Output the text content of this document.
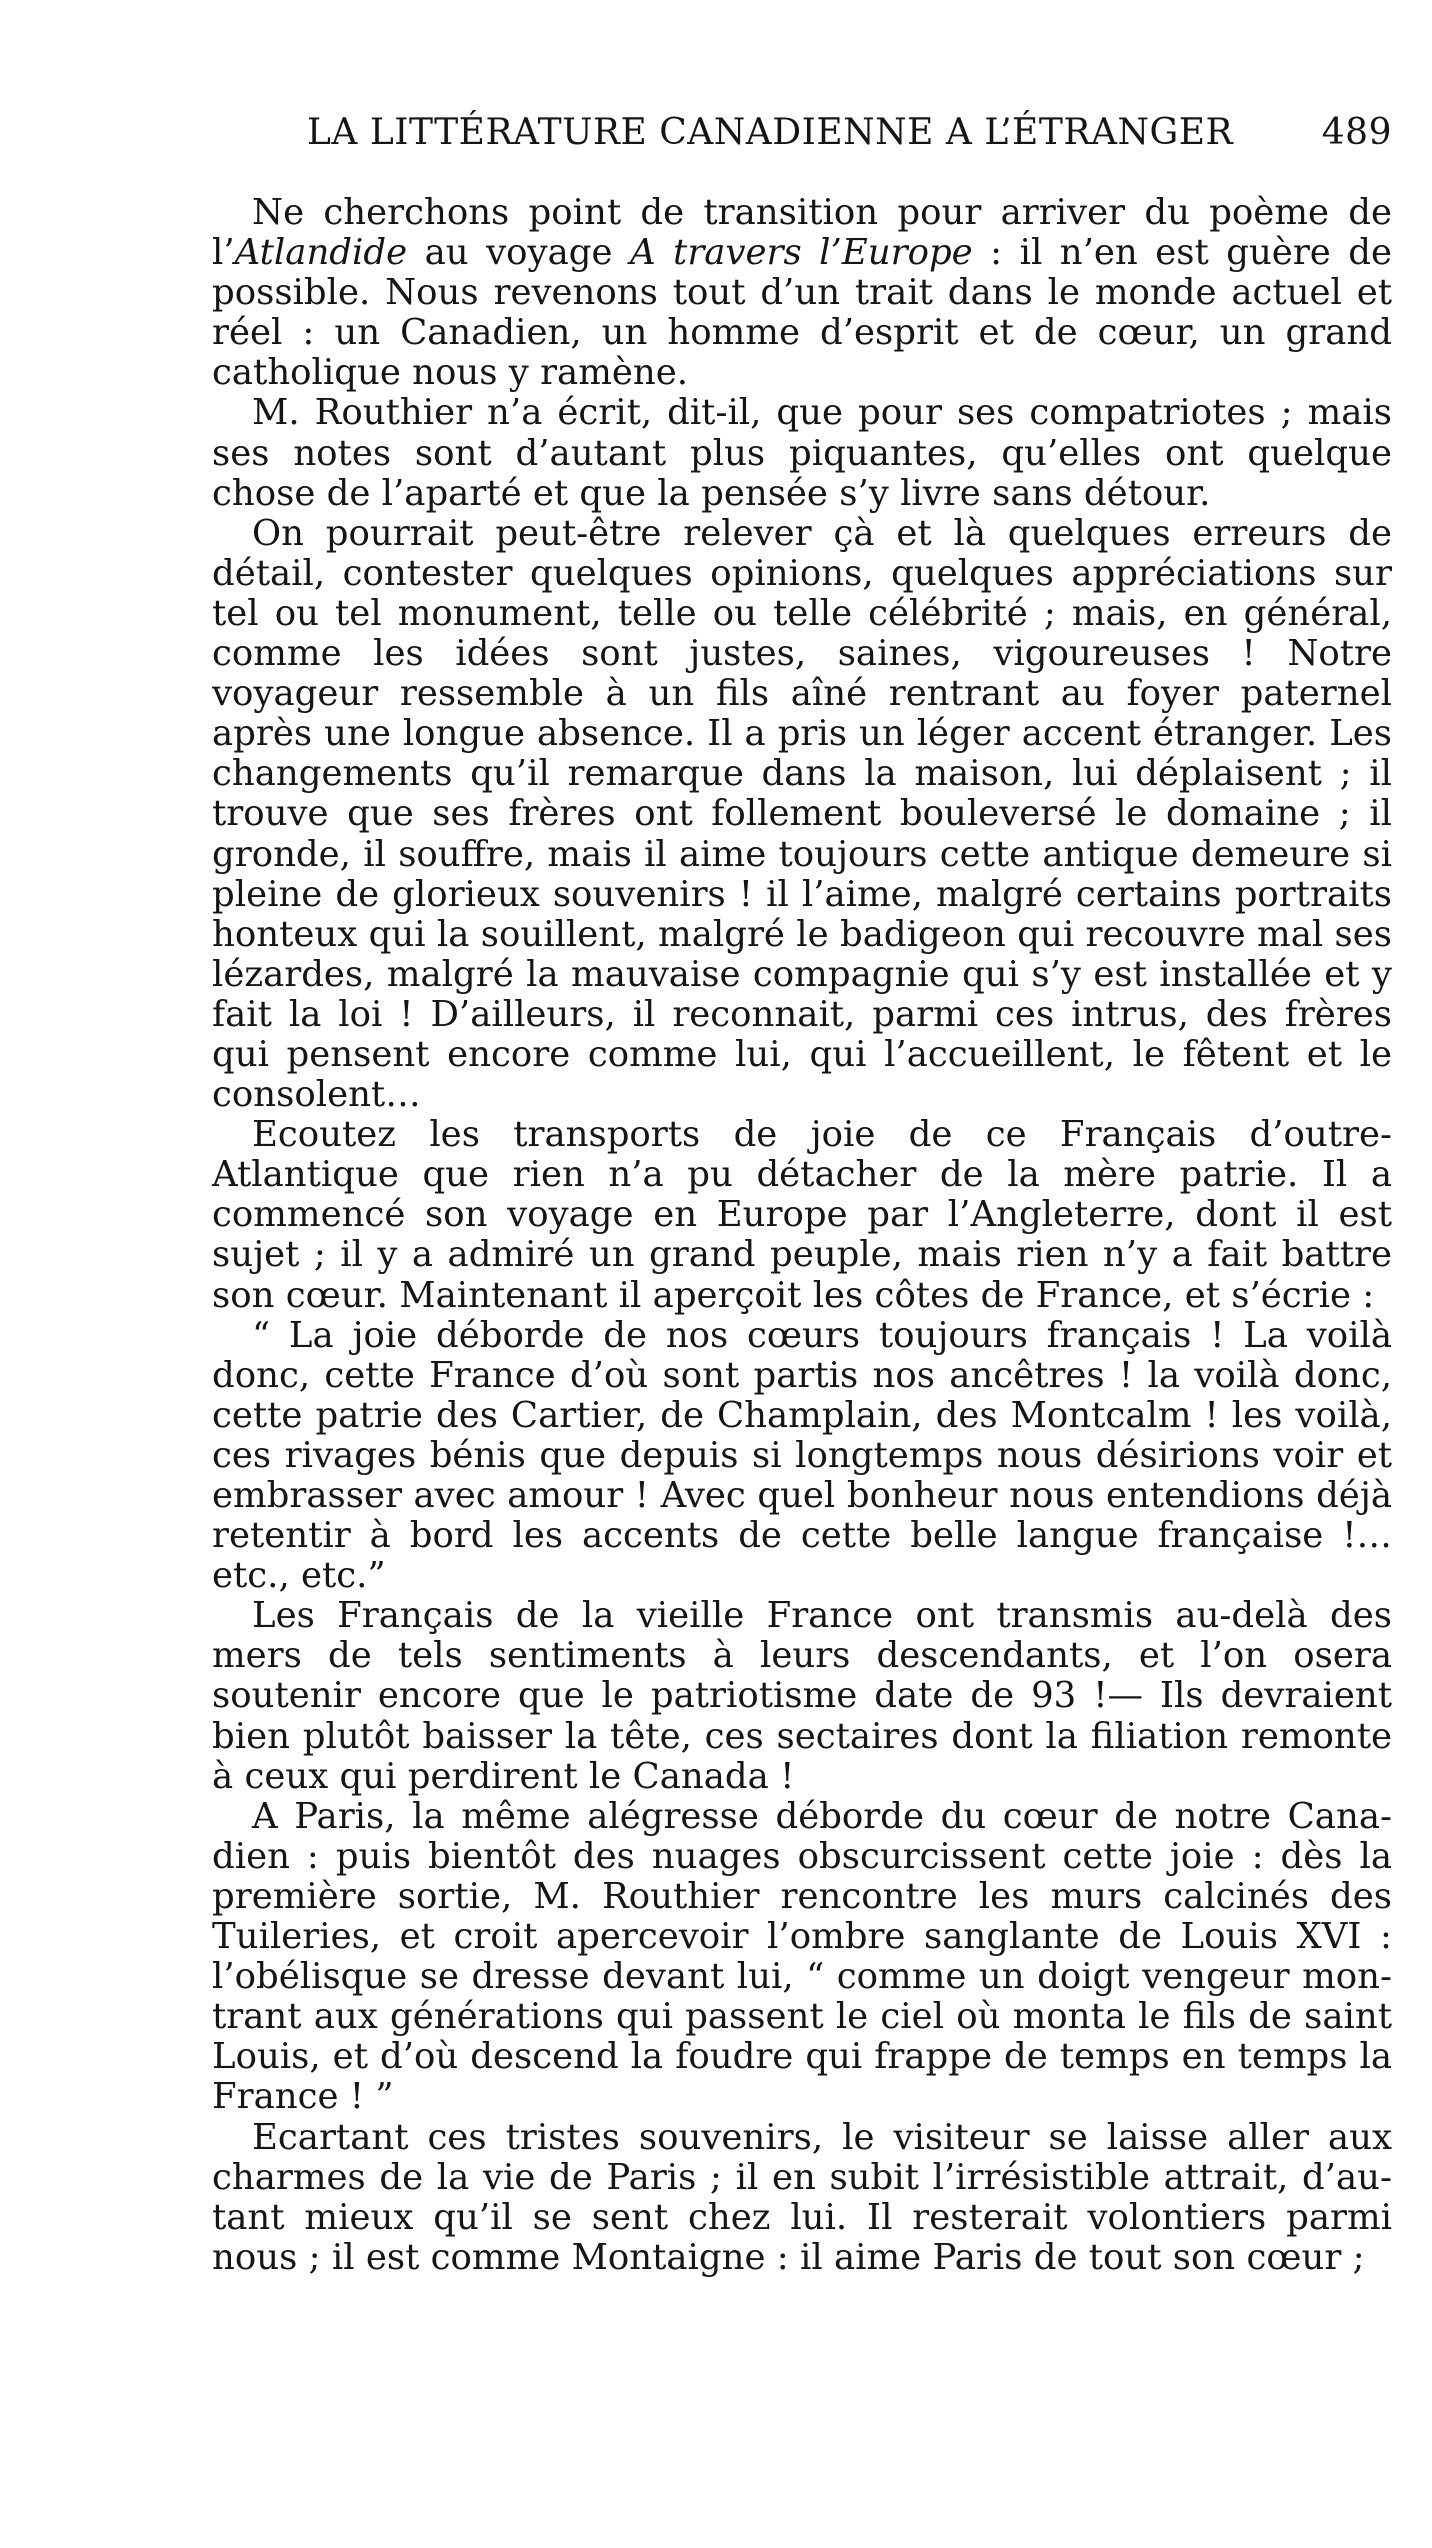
LA LITTÉRATURE CANADIENNE A L’ÉTRANGER 489

Ne cherchons point de transition pour arriver du poème de l’Atlandide au voyage A travers l’Europe : il n’en est guère de possible. Nous revenons tout d’un trait dans le monde actuel et réel : un Canadien, un homme d’esprit et de cœur, un grand catholique nous y ramène.

M. Routhier n’a écrit, dit-il, que pour ses compatriotes ; mais ses notes sont d’autant plus piquantes, qu’elles ont quelque chose de l’aparté et que la pensée s’y livre sans détour.

On pourrait peut-être relever çà et là quelques erreurs de détail, contester quelques opinions, quelques appréciations sur tel ou tel monument, telle ou telle célébrité ; mais, en général, comme les idées sont justes, saines, vigoureuses ! Notre voyageur ressemble à un fils aîné rentrant au foyer paternel après une longue absence. Il a pris un léger accent étranger. Les changements qu’il remarque dans la maison, lui déplaisent ; il trouve que ses frères ont follement bouleversé le domaine ; il gronde, il souffre, mais il aime toujours cette antique demeure si pleine de glorieux souvenirs ! il l’aime, malgré certains portraits honteux qui la souillent, malgré le badigeon qui recouvre mal ses lézardes, malgré la mauvaise compagnie qui s’y est installée et y fait la loi ! D’ailleurs, il reconnait, parmi ces intrus, des frères qui pensent encore comme lui, qui l’accueillent, le fêtent et le consolent…

Ecoutez les transports de joie de ce Français d’outre-Atlantique que rien n’a pu détacher de la mère patrie. Il a commencé son voyage en Europe par l’Angleterre, dont il est sujet ; il y a admiré un grand peuple, mais rien n’y a fait battre son cœur. Maintenant il aperçoit les côtes de France, et s’écrie :

“ La joie déborde de nos cœurs toujours français ! La voilà donc, cette France d’où sont partis nos ancêtres ! la voilà donc, cette patrie des Cartier, de Champlain, des Montcalm ! les voilà, ces rivages bénis que depuis si longtemps nous désirions voir et embrasser avec amour ! Avec quel bonheur nous entendions déjà retentir à bord les accents de cette belle langue française !… etc., etc.”

Les Français de la vieille France ont transmis au-delà des mers de tels sentiments à leurs descendants, et l’on osera soutenir encore que le patriotisme date de 93 !— Ils devraient bien plutôt baisser la tête, ces sectaires dont la filiation remonte à ceux qui perdirent le Canada !

A Paris, la même alégresse déborde du cœur de notre Canadien : puis bientôt des nuages obscurcissent cette joie : dès la première sortie, M. Routhier rencontre les murs calcinés des Tuileries, et croit apercevoir l’ombre sanglante de Louis XVI : l’obélisque se dresse devant lui, “ comme un doigt vengeur montrant aux générations qui passent le ciel où monta le fils de saint Louis, et d’où descend la foudre qui frappe de temps en temps la France ! ”

Ecartant ces tristes souvenirs, le visiteur se laisse aller aux charmes de la vie de Paris ; il en subit l’irrésistible attrait, d’autant mieux qu’il se sent chez lui. Il resterait volontiers parmi nous ; il est comme Montaigne : il aime Paris de tout son cœur ;
